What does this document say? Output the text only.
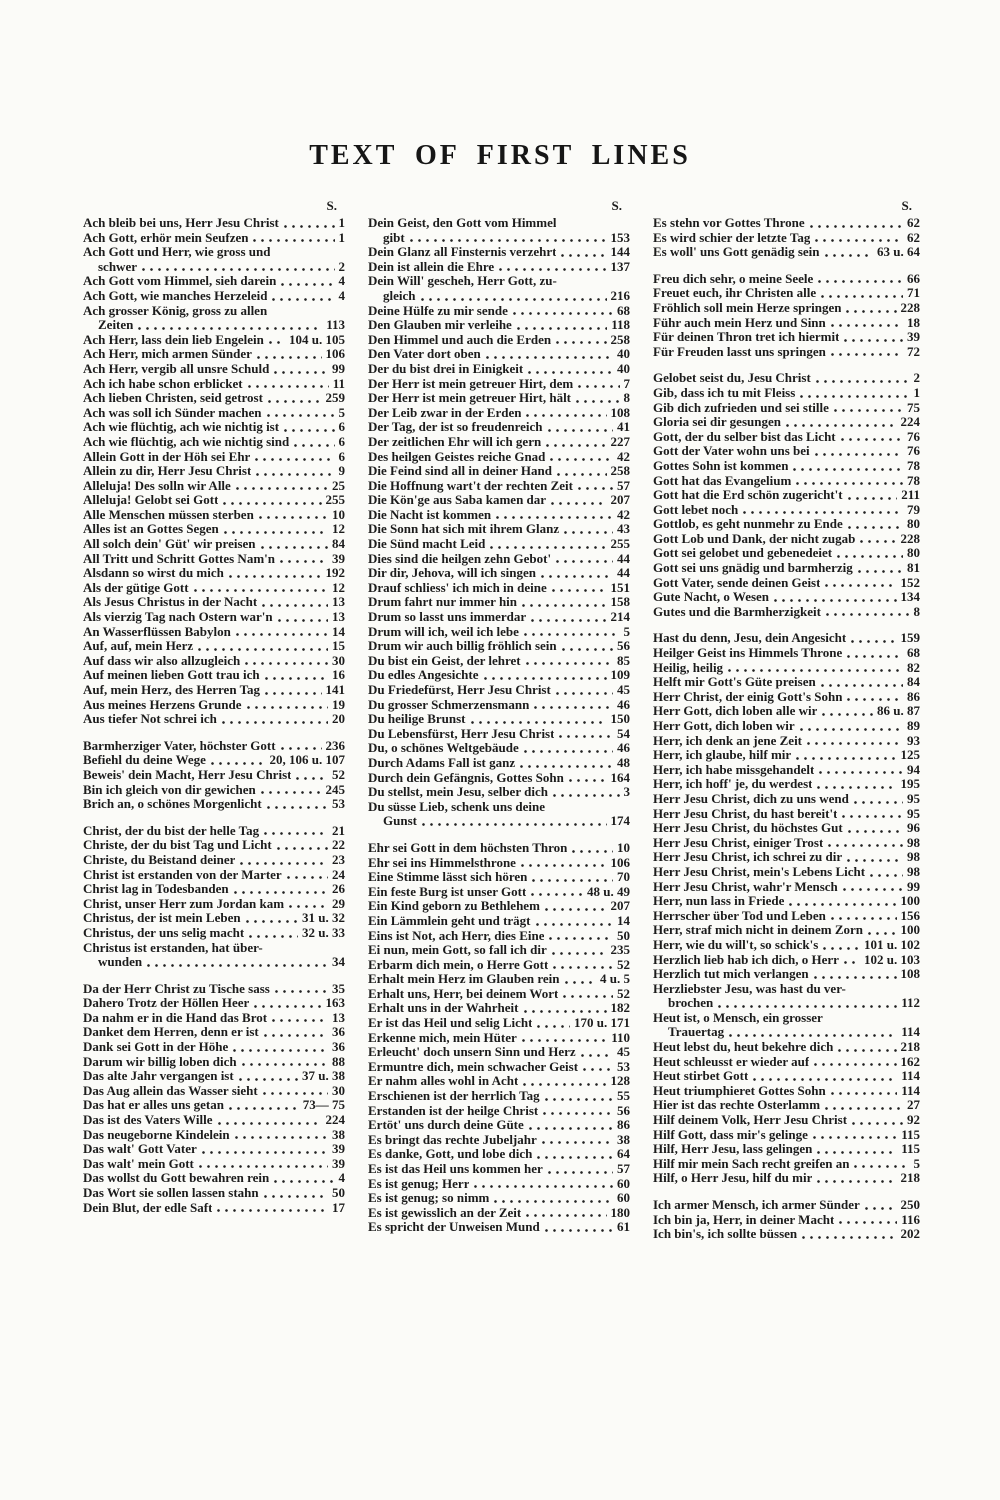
TEXT OF FIRST LINES
S.
Ach bleib bei uns, Herr Jesu Christ	1
Ach Gott, erhör mein Seufzen	1
Ach Gott und Herr, wie gross und
schwer	2
Ach Gott vom Himmel, sieh darein	4
Ach Gott, wie manches Herzeleid	4
Ach grosser König, gross zu allen
Zeiten	113
Ach Herr, lass dein lieb Engelein 104 u. 105
Ach Herr, mich armen Sünder	106
Ach Herr, vergib all unsre Schuld	99
Ach ich habe schon erblicket	11
Ach lieben Christen, seid getrost	259
Ach was soll ich Sünder machen	5
Ach wie flüchtig, ach wie nichtig ist	6
Ach wie flüchtig, ach wie nichtig sind	6
Allein Gott in der Höh sei Ehr	6
Allein zu dir, Herr Jesu Christ	9
Alleluja! Des solln wir Alle	25
Alleluja! Gelobt sei Gott	255
Alle Menschen müssen sterben	10
Alles ist an Gottes Segen	12
All solch dein' Güt' wir preisen	84
All Tritt und Schritt Gottes Nam'n	39
Alsdann so wirst du mich	192
Als der gütige Gott	12
Als Jesus Christus in der Nacht	13
Als vierzig Tag nach Ostern war'n	13
An Wasserflüssen Babylon	14
Auf, auf, mein Herz	15
Auf dass wir also allzugleich	30
Auf meinen lieben Gott trau ich	16
Auf, mein Herz, des Herren Tag	141
Aus meines Herzens Grunde	19
Aus tiefer Not schrei ich	20
Barmherziger Vater, höchster Gott	236
Befiehl du deine Wege	20, 106 u. 107
Beweis' dein Macht, Herr Jesu Christ	52
Bin ich gleich von dir gewichen	245
Brich an, o schönes Morgenlicht	53
Christ, der du bist der helle Tag	21
Christe, der du bist Tag und Licht	22
Christe, du Beistand deiner	23
Christ ist erstanden von der Marter	24
Christ lag in Todesbanden	26
Christ, unser Herr zum Jordan kam	29
Christus, der ist mein Leben	31 u. 32
Christus, der uns selig macht	32 u. 33
Christus ist erstanden, hat über-
wunden	34
Da der Herr Christ zu Tische sass	35
Dahero Trotz der Höllen Heer	163
Da nahm er in die Hand das Brot	13
Danket dem Herren, denn er ist	36
Dank sei Gott in der Höhe	36
Darum wir billig loben dich	88
Das alte Jahr vergangen ist	37 u. 38
Das Aug allein das Wasser sieht	30
Das hat er alles uns getan	73— 75
Das ist des Vaters Wille	224
Das neugeborne Kindelein	38
Das walt' Gott Vater	39
Das walt' mein Gott	39
Das wollst du Gott bewahren rein	4
Das Wort sie sollen lassen stahn	50
Dein Blut, der edle Saft	17
S.
Dein Geist, den Gott vom Himmel
gibt	153
Dein Glanz all Finsternis verzehrt	144
Dein ist allein die Ehre	137
Dein Will' gescheh, Herr Gott, zu-
gleich	216
Deine Hülfe zu mir sende	68
Den Glauben mir verleihe	118
Den Himmel und auch die Erden	258
Den Vater dort oben	40
Der du bist drei in Einigkeit	40
Der Herr ist mein getreuer Hirt, dem	7
Der Herr ist mein getreuer Hirt, hält	8
Der Leib zwar in der Erden	108
Der Tag, der ist so freudenreich	41
Der zeitlichen Ehr will ich gern	227
Des heilgen Geistes reiche Gnad	42
Die Feind sind all in deiner Hand	258
Die Hoffnung wart't der rechten Zeit	57
Die Kön'ge aus Saba kamen dar	207
Die Nacht ist kommen	42
Die Sonn hat sich mit ihrem Glanz	43
Die Sünd macht Leid	255
Dies sind die heilgen zehn Gebot'	44
Dir dir, Jehova, will ich singen	44
Drauf schliess' ich mich in deine	151
Drum fahrt nur immer hin	158
Drum so lasst uns immerdar	214
Drum will ich, weil ich lebe	5
Drum wir auch billig fröhlich sein	56
Du bist ein Geist, der lehret	85
Du edles Angesichte	109
Du Friedefürst, Herr Jesu Christ	45
Du grosser Schmerzensmann	46
Du heilige Brunst	150
Du Lebensfürst, Herr Jesu Christ	54
Du, o schönes Weltgebäude	46
Durch Adams Fall ist ganz	48
Durch dein Gefängnis, Gottes Sohn	164
Du stellst, mein Jesu, selber dich	3
Du süsse Lieb, schenk uns deine
Gunst	174
Ehr sei Gott in dem höchsten Thron	10
Ehr sei ins Himmelsthrone	106
Eine Stimme lässt sich hören	70
Ein feste Burg ist unser Gott	48 u. 49
Ein Kind geborn zu Bethlehem	207
Ein Lämmlein geht und trägt	14
Eins ist Not, ach Herr, dies Eine	50
Ei nun, mein Gott, so fall ich dir	235
Erbarm dich mein, o Herre Gott	52
Erhalt mein Herz im Glauben rein	4 u. 5
Erhalt uns, Herr, bei deinem Wort	52
Erhalt uns in der Wahrheit	182
Er ist das Heil und selig Licht	170 u. 171
Erkenne mich, mein Hüter	110
Erleucht' doch unsern Sinn und Herz	45
Ermuntre dich, mein schwacher Geist	53
Er nahm alles wohl in Acht	128
Erschienen ist der herrlich Tag	55
Erstanden ist der heilge Christ	56
Ertöt' uns durch deine Güte	86
Es bringt das rechte Jubeljahr	38
Es danke, Gott, und lobe dich	64
Es ist das Heil uns kommen her	57
Es ist genug; Herr	60
Es ist genug; so nimm	60
Es ist gewisslich an der Zeit	180
Es spricht der Unweisen Mund	61
S.
Es stehn vor Gottes Throne	62
Es wird schier der letzte Tag	62
Es woll' uns Gott genädig sein	63 u. 64
Freu dich sehr, o meine Seele	66
Freuet euch, ihr Christen alle	71
Fröhlich soll mein Herze springen	228
Führ auch mein Herz und Sinn	18
Für deinen Thron tret ich hiermit	39
Für Freuden lasst uns springen	72
Gelobet seist du, Jesu Christ	2
Gib, dass ich tu mit Fleiss	1
Gib dich zufrieden und sei stille	75
Gloria sei dir gesungen	224
Gott, der du selber bist das Licht	76
Gott der Vater wohn uns bei	76
Gottes Sohn ist kommen	78
Gott hat das Evangelium	78
Gott hat die Erd schön zugericht't	211
Gott lebet noch	79
Gottlob, es geht nunmehr zu Ende	80
Gott Lob und Dank, der nicht zugab	228
Gott sei gelobet und gebenedeiet	80
Gott sei uns gnädig und barmherzig	81
Gott Vater, sende deinen Geist	152
Gute Nacht, o Wesen	134
Gutes und die Barmherzigkeit	8
Hast du denn, Jesu, dein Angesicht	159
Heilger Geist ins Himmels Throne	68
Heilig, heilig	82
Helft mir Gott's Güte preisen	84
Herr Christ, der einig Gott's Sohn	86
Herr Gott, dich loben alle wir	86 u. 87
Herr Gott, dich loben wir	89
Herr, ich denk an jene Zeit	93
Herr, ich glaube, hilf mir	125
Herr, ich habe missgehandelt	94
Herr, ich hoff' je, du werdest	195
Herr Jesu Christ, dich zu uns wend	95
Herr Jesu Christ, du hast bereit't	95
Herr Jesu Christ, du höchstes Gut	96
Herr Jesu Christ, einiger Trost	98
Herr Jesu Christ, ich schrei zu dir	98
Herr Jesu Christ, mein's Lebens Licht	98
Herr Jesu Christ, wahr'r Mensch	99
Herr, nun lass in Friede	100
Herrscher über Tod und Leben	156
Herr, straf mich nicht in deinem Zorn	100
Herr, wie du will't, so schick's	101 u. 102
Herzlich lieb hab ich dich, o Herr 102 u. 103
Herzlich tut mich verlangen	108
Herzliebster Jesu, was hast du ver-
brochen	112
Heut ist, o Mensch, ein grosser
Trauertag	114
Heut lebst du, heut bekehre dich	218
Heut schleusst er wieder auf	162
Heut stirbet Gott	114
Heut triumphieret Gottes Sohn	114
Hier ist das rechte Osterlamm	27
Hilf deinem Volk, Herr Jesu Christ	92
Hilf Gott, dass mir's gelinge	115
Hilf, Herr Jesu, lass gelingen	115
Hilf mir mein Sach recht greifen an	5
Hilf, o Herr Jesu, hilf du mir	218
Ich armer Mensch, ich armer Sünder	250
Ich bin ja, Herr, in deiner Macht	116
Ich bin's, ich sollte büssen	202
